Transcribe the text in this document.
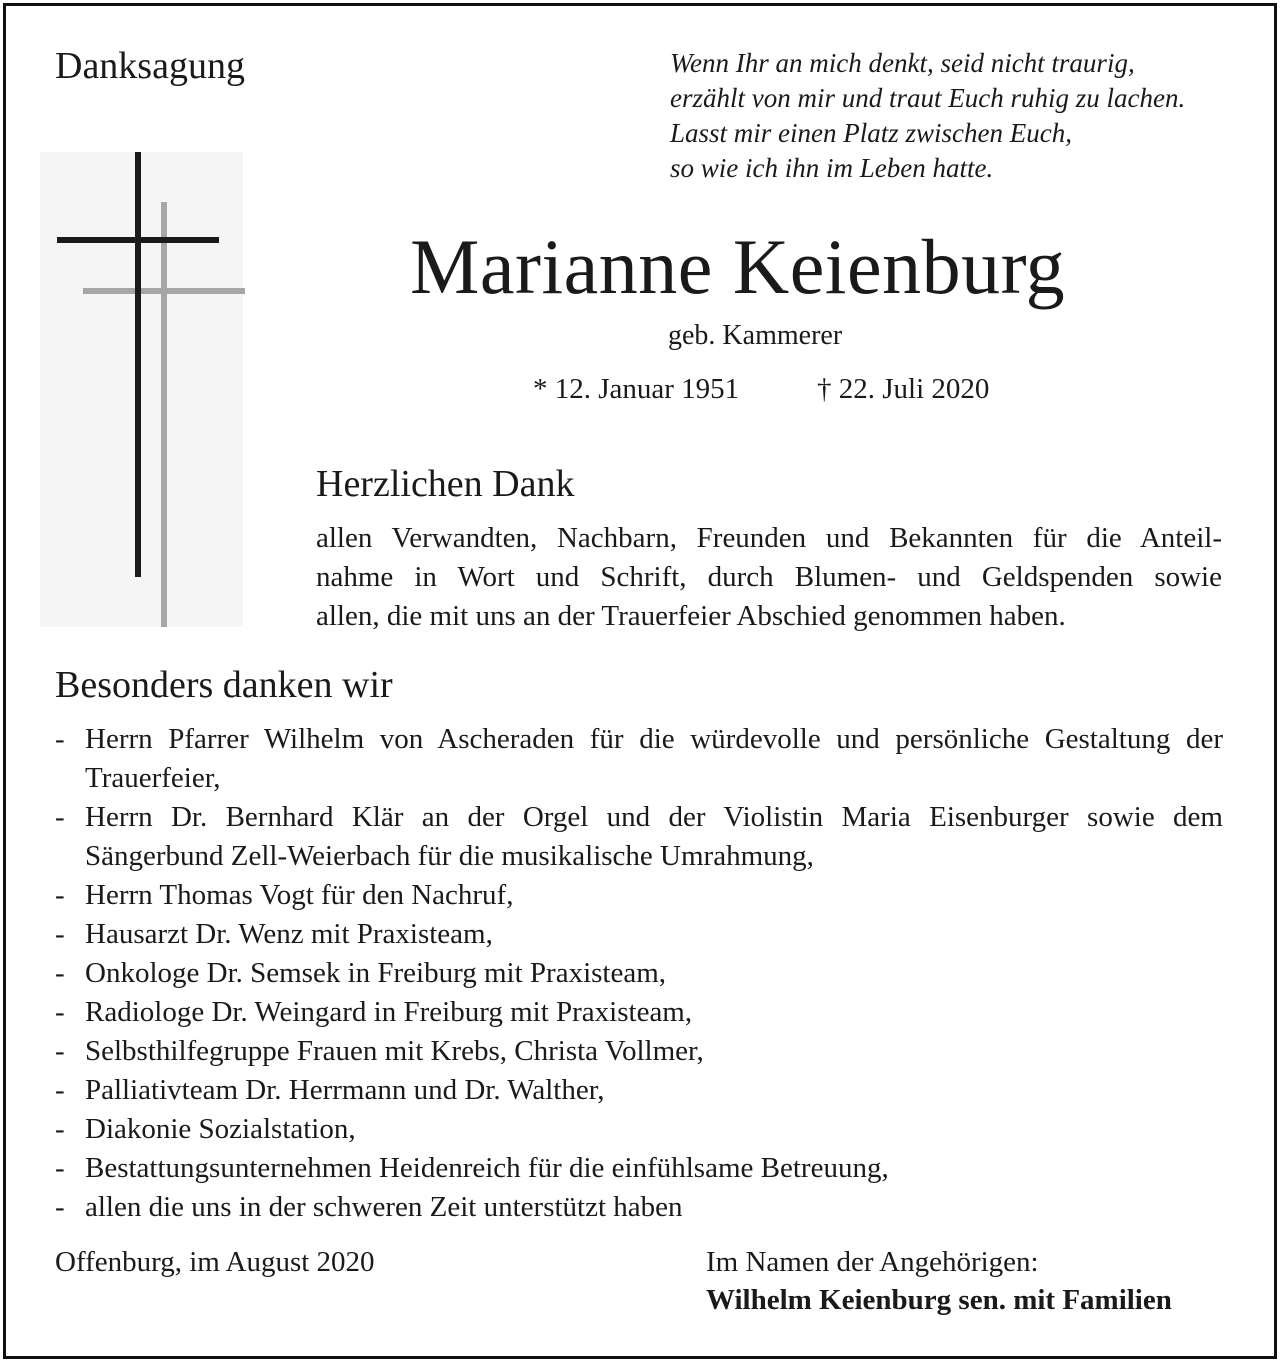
Danksagung	Wenn Ihr an mich denkt, seid nicht traurig,
erzählt von mir und traut Euch ruhig zu lachen.
Lasst mir einen Platz zwischen Euch,
so wie ich ihn im Leben hatte.
Marianne Keienburg
geb. Kammerer
* 12. Januar 1951	† 22. Juli 2020
Herzlichen Dank
allen Verwandten, Nachbarn, Freunden und Bekannten für die Anteil-
nahme in Wort und Schrift, durch Blumen- und Geldspenden sowie
allen, die mit uns an der Trauerfeier Abschied genommen haben.
Besonders danken wir
- Herrn Pfarrer Wilhelm von Ascheraden für die würdevolle und persönliche Gestaltung der Trauerfeier,
- Herrn Dr. Bernhard Klär an der Orgel und der Violistin Maria Eisenburger sowie dem Sängerbund Zell-Weierbach für die musikalische Umrahmung,
- Herrn Thomas Vogt für den Nachruf,
- Hausarzt Dr. Wenz mit Praxisteam,
- Onkologe Dr. Semsek in Freiburg mit Praxisteam,
- Radiologe Dr. Weingard in Freiburg mit Praxisteam,
- Selbsthilfegruppe Frauen mit Krebs, Christa Vollmer,
- Palliativteam Dr. Herrmann und Dr. Walther,
- Diakonie Sozialstation,
- Bestattungsunternehmen Heidenreich für die einfühlsame Betreuung,
- allen die uns in der schweren Zeit unterstützt haben
Offenburg, im August 2020	Im Namen der Angehörigen:
Wilhelm Keienburg sen. mit Familien
